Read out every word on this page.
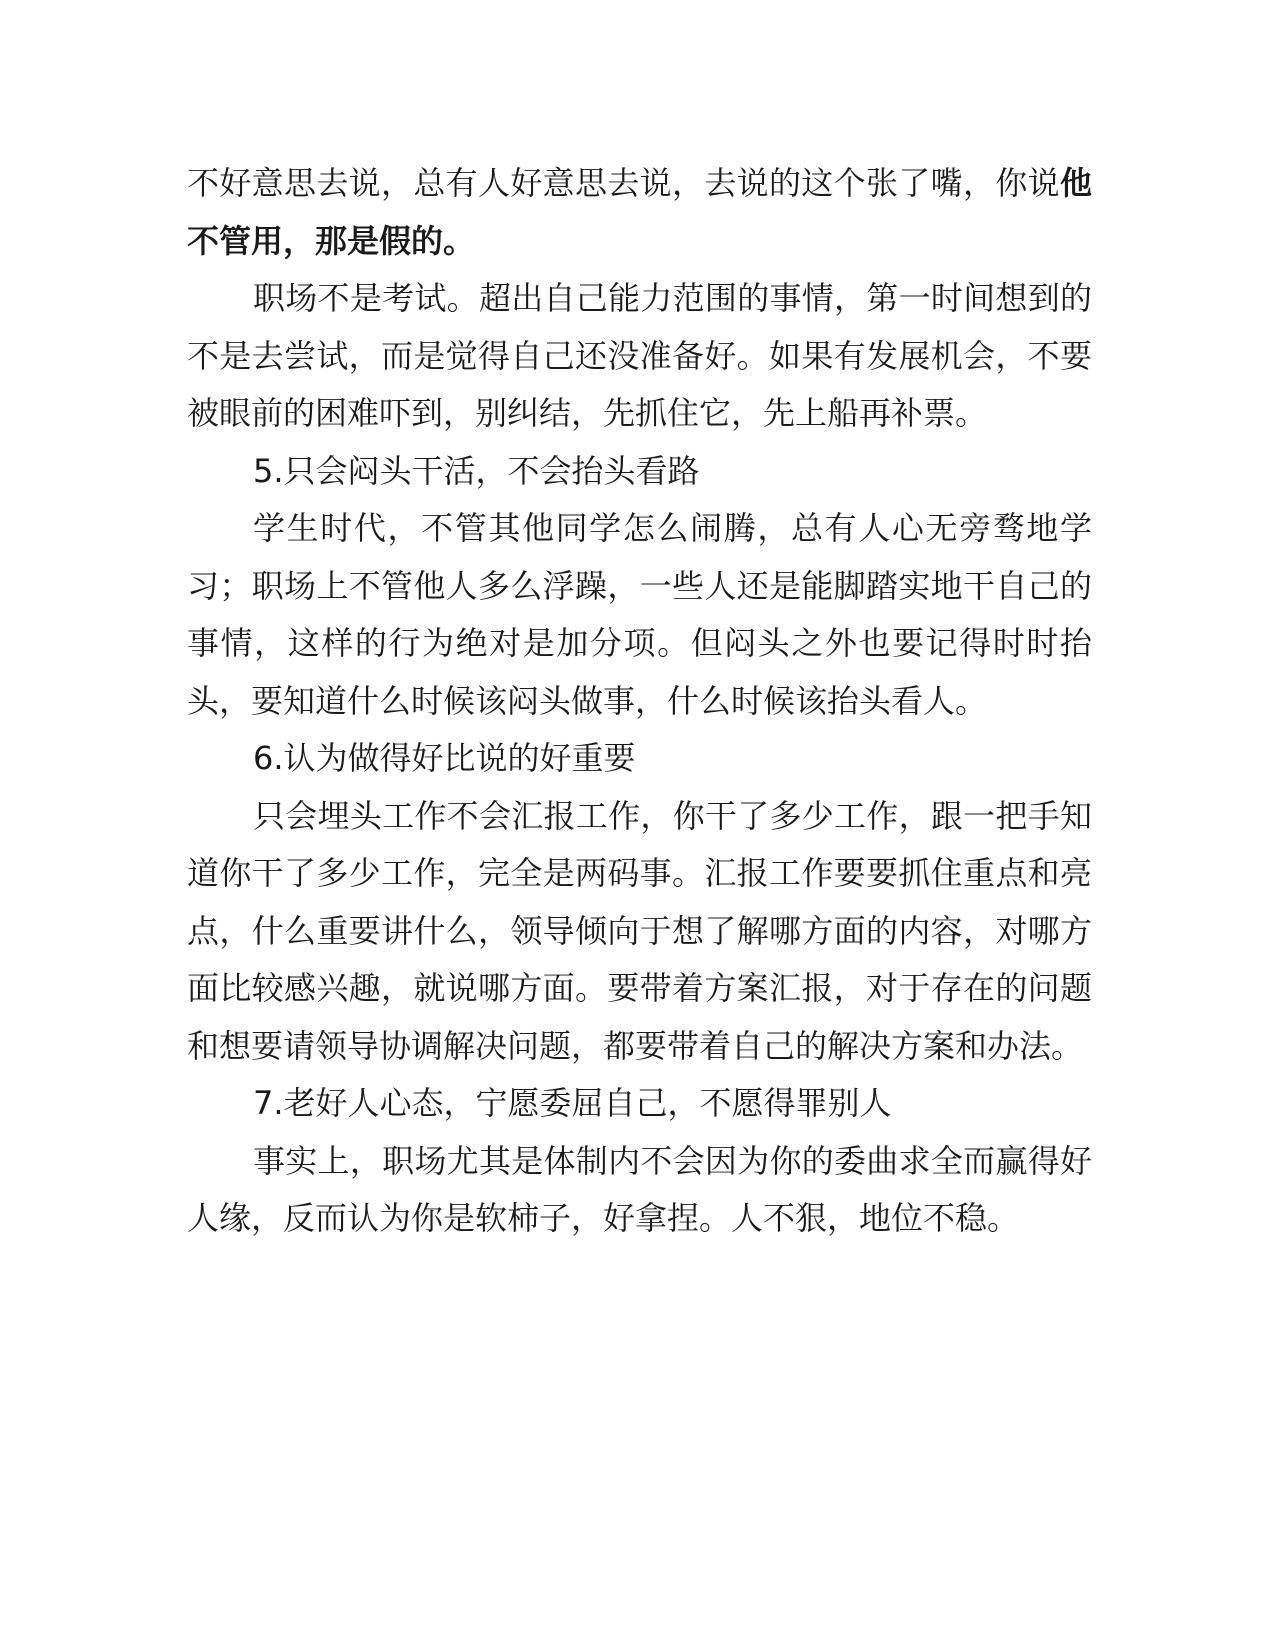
不好意思去说，总有人好意思去说，去说的这个张了嘴，你说他不管用，那是假的。

职场不是考试。超出自己能力范围的事情，第一时间想到的不是去尝试，而是觉得自己还没准备好。如果有发展机会，不要被眼前的困难吓到，别纠结，先抓住它，先上船再补票。

5.只会闷头干活，不会抬头看路

学生时代，不管其他同学怎么闹腾，总有人心无旁骛地学习；职场上不管他人多么浮躁，一些人还是能脚踏实地干自己的事情，这样的行为绝对是加分项。但闷头之外也要记得时时抬头，要知道什么时候该闷头做事，什么时候该抬头看人。

6.认为做得好比说的好重要

只会埋头工作不会汇报工作，你干了多少工作，跟一把手知道你干了多少工作，完全是两码事。汇报工作要要抓住重点和亮点，什么重要讲什么，领导倾向于想了解哪方面的内容，对哪方面比较感兴趣，就说哪方面。要带着方案汇报，对于存在的问题和想要请领导协调解决问题，都要带着自己的解决方案和办法。

7.老好人心态，宁愿委屈自己，不愿得罪别人

事实上，职场尤其是体制内不会因为你的委曲求全而赢得好人缘，反而认为你是软柿子，好拿捏。人不狠，地位不稳。
